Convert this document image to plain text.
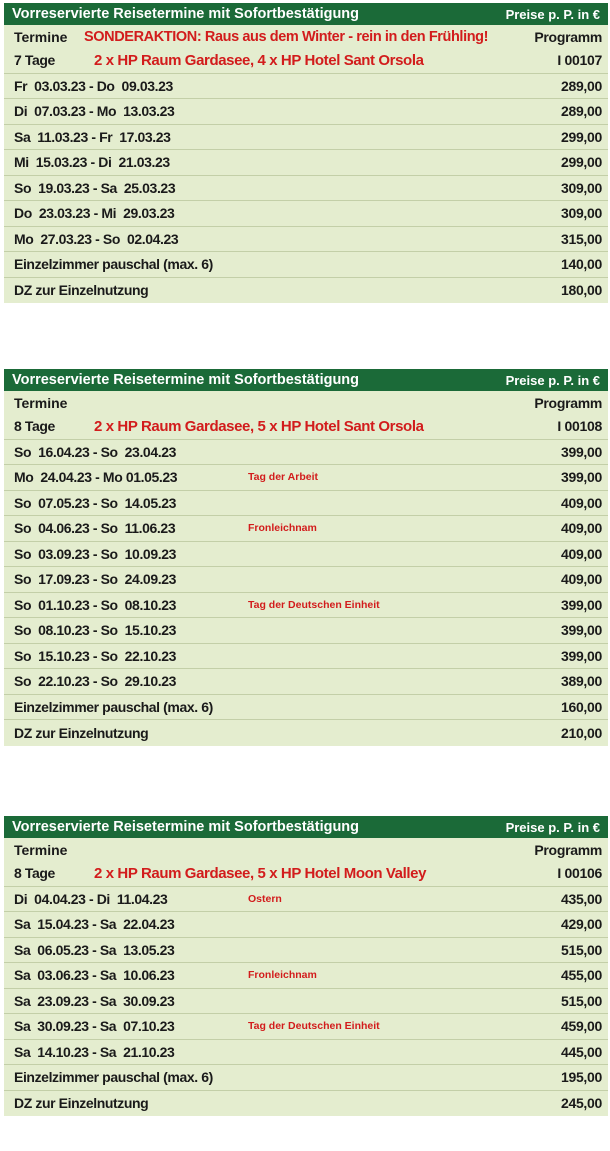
Vorreservierte Reisetermine mit Sofortbestätigung	Preise p. P. in €
Termine	SONDERAKTION: Raus aus dem Winter - rein in den Frühling!	Programm
7 Tage	2 x HP Raum Gardasee, 4 x HP Hotel Sant Orsola	I 00107
Fr  03.03.23 - Do  09.03.23	289,00
Di  07.03.23 - Mo  13.03.23	289,00
Sa  11.03.23 - Fr  17.03.23	299,00
Mi  15.03.23 - Di  21.03.23	299,00
So  19.03.23 - Sa  25.03.23	309,00
Do  23.03.23 - Mi  29.03.23	309,00
Mo  27.03.23 - So  02.04.23	315,00
Einzelzimmer pauschal (max. 6)	140,00
DZ zur Einzelnutzung	180,00
Vorreservierte Reisetermine mit Sofortbestätigung	Preise p. P. in €
Termine	Programm
8 Tage	2 x HP Raum Gardasee, 5 x HP Hotel Sant Orsola	I 00108
So  16.04.23 - So  23.04.23	399,00
Mo  24.04.23 - Mo 01.05.23	Tag der Arbeit	399,00
So  07.05.23 - So  14.05.23	409,00
So  04.06.23 - So  11.06.23	Fronleichnam	409,00
So  03.09.23 - So  10.09.23	409,00
So  17.09.23 - So  24.09.23	409,00
So  01.10.23 - So  08.10.23	Tag der Deutschen Einheit	399,00
So  08.10.23 - So  15.10.23	399,00
So  15.10.23 - So  22.10.23	399,00
So  22.10.23 - So  29.10.23	389,00
Einzelzimmer pauschal (max. 6)	160,00
DZ zur Einzelnutzung	210,00
Vorreservierte Reisetermine mit Sofortbestätigung	Preise p. P. in €
Termine	Programm
8 Tage	2 x HP Raum Gardasee, 5 x HP Hotel Moon Valley	I 00106
Di  04.04.23 - Di  11.04.23	Ostern	435,00
Sa  15.04.23 - Sa  22.04.23	429,00
Sa  06.05.23 - Sa  13.05.23	515,00
Sa  03.06.23 - Sa  10.06.23	Fronleichnam	455,00
Sa  23.09.23 - Sa  30.09.23	515,00
Sa  30.09.23 - Sa  07.10.23	Tag der Deutschen Einheit	459,00
Sa  14.10.23 - Sa  21.10.23	445,00
Einzelzimmer pauschal (max. 6)	195,00
DZ zur Einzelnutzung	245,00
